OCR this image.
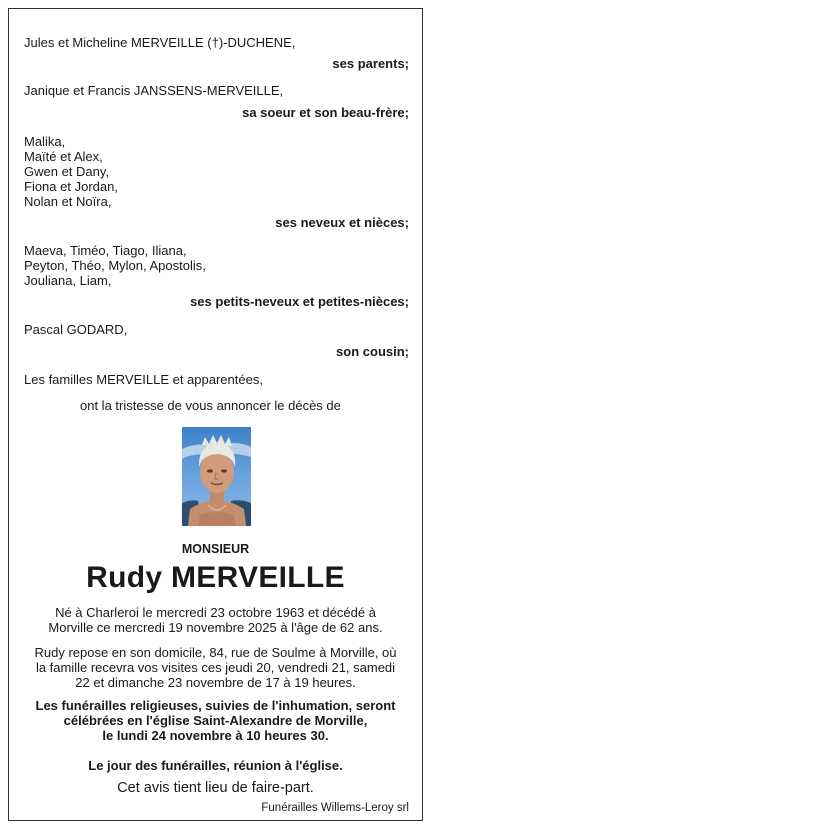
Jules et Micheline MERVEILLE (†)-DUCHENE,
ses parents;
Janique et Francis JANSSENS-MERVEILLE,
sa soeur et son beau-frère;
Malika,
Maïté et Alex,
Gwen et Dany,
Fiona et Jordan,
Nolan et Noïra,
ses neveux et nièces;
Maeva, Timéo, Tiago, Iliana,
Peyton, Théo, Mylon, Apostolis,
Jouliana, Liam,
ses petits-neveux et petites-nièces;
Pascal GODARD,
son cousin;
Les familles MERVEILLE et apparentées,
ont la tristesse de vous annoncer le décès de
MONSIEUR
Rudy MERVEILLE
Né à Charleroi le mercredi 23 octobre 1963 et décédé à
Morville ce mercredi 19 novembre 2025 à l'âge de 62 ans.
Rudy repose en son domicile, 84, rue de Soulme à Morville, où
la famille recevra vos visites ces jeudi 20, vendredi 21, samedi
22 et dimanche 23 novembre de 17 à 19 heures.
Les funérailles religieuses, suivies de l'inhumation, seront
célébrées en l'église Saint-Alexandre de Morville,
le lundi 24 novembre à 10 heures 30.
Le jour des funérailles, réunion à l'église.
Cet avis tient lieu de faire-part.
Funérailles Willems-Leroy srl
